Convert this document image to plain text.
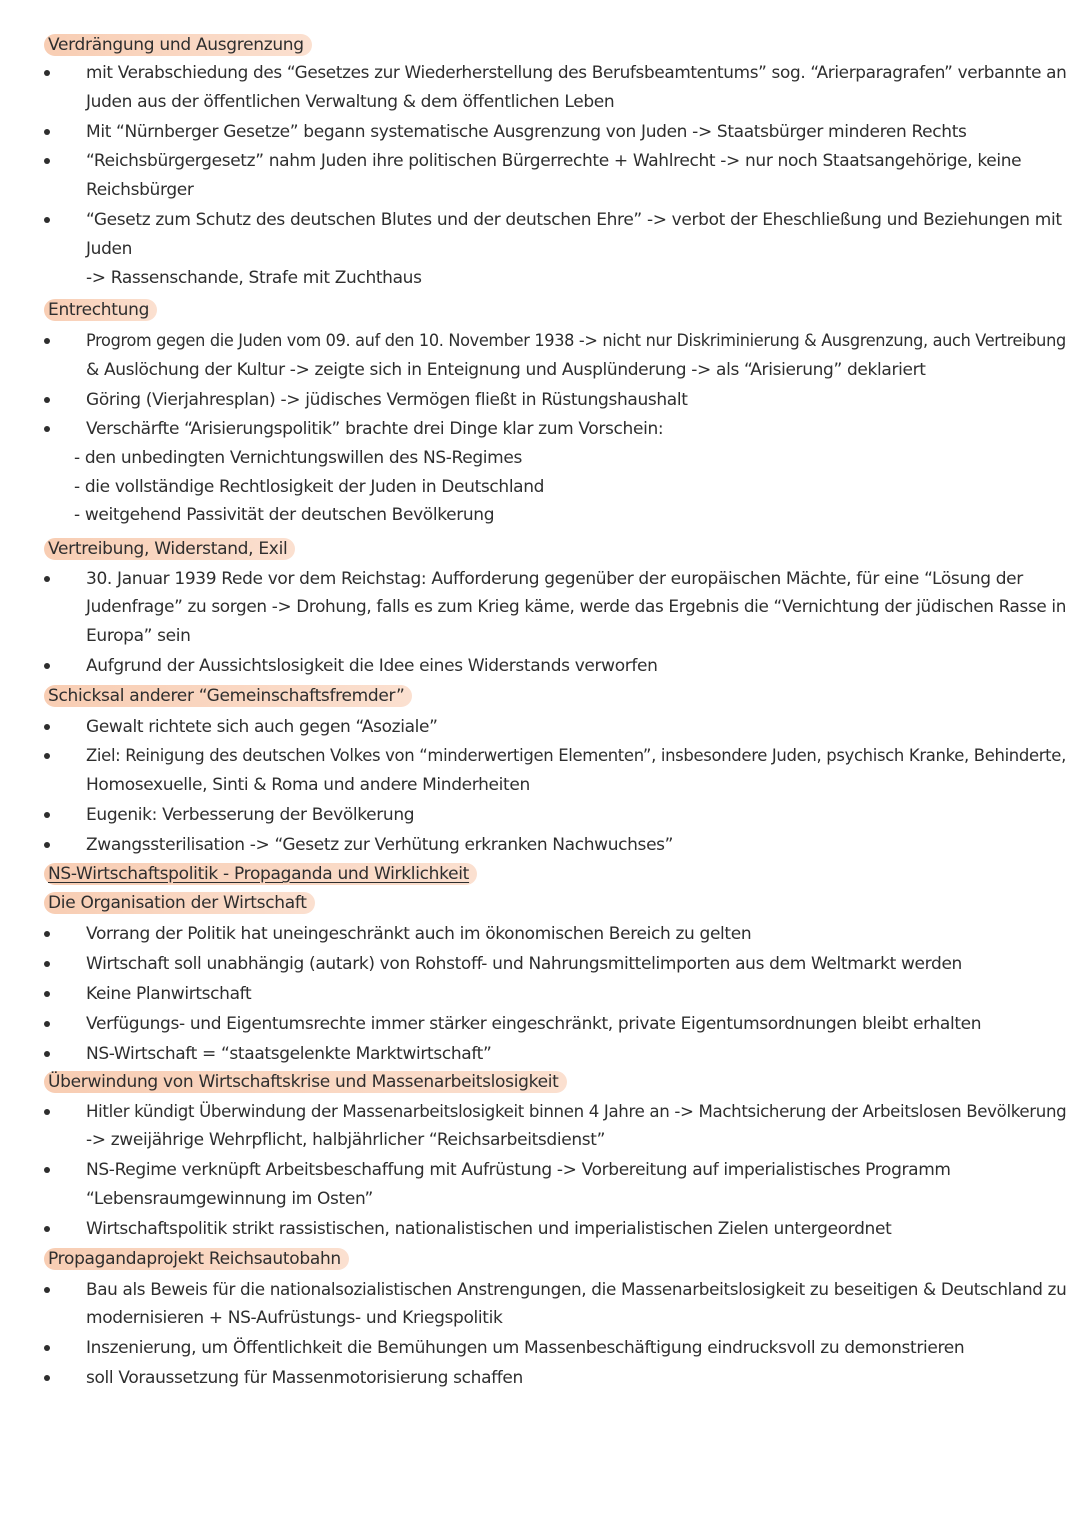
Verdrängung und Ausgrenzung
mit Verabschiedung des “Gesetzes zur Wiederherstellung des Berufsbeamtentums” sog. “Arierparagrafen” verbannte an
Juden aus der öffentlichen Verwaltung & dem öffentlichen Leben
Mit “Nürnberger Gesetze” begann systematische Ausgrenzung von Juden -> Staatsbürger minderen Rechts
“Reichsbürgergesetz” nahm Juden ihre politischen Bürgerrechte + Wahlrecht -> nur noch Staatsangehörige, keine
Reichsbürger
“Gesetz zum Schutz des deutschen Blutes und der deutschen Ehre” -> verbot der Eheschließung und Beziehungen mit
Juden
-> Rassenschande, Strafe mit Zuchthaus
Entrechtung
Progrom gegen die Juden vom 09. auf den 10. November 1938 -> nicht nur Diskriminierung & Ausgrenzung, auch Vertreibung
& Auslöchung der Kultur -> zeigte sich in Enteignung und Ausplünderung -> als “Arisierung” deklariert
Göring (Vierjahresplan) -> jüdisches Vermögen fließt in Rüstungshaushalt
Verschärfte “Arisierungspolitik” brachte drei Dinge klar zum Vorschein:
- den unbedingten Vernichtungswillen des NS-Regimes
- die vollständige Rechtlosigkeit der Juden in Deutschland
- weitgehend Passivität der deutschen Bevölkerung
Vertreibung, Widerstand, Exil
30. Januar 1939 Rede vor dem Reichstag: Aufforderung gegenüber der europäischen Mächte, für eine “Lösung der
Judenfrage” zu sorgen -> Drohung, falls es zum Krieg käme, werde das Ergebnis die “Vernichtung der jüdischen Rasse in
Europa” sein
Aufgrund der Aussichtslosigkeit die Idee eines Widerstands verworfen
Schicksal anderer “Gemeinschaftsfremder”
Gewalt richtete sich auch gegen “Asoziale”
Ziel: Reinigung des deutschen Volkes von “minderwertigen Elementen”, insbesondere Juden, psychisch Kranke, Behinderte,
Homosexuelle, Sinti & Roma und andere Minderheiten
Eugenik: Verbesserung der Bevölkerung
Zwangssterilisation -> “Gesetz zur Verhütung erkranken Nachwuchses”
NS-Wirtschaftspolitik - Propaganda und Wirklichkeit
Die Organisation der Wirtschaft
Vorrang der Politik hat uneingeschränkt auch im ökonomischen Bereich zu gelten
Wirtschaft soll unabhängig (autark) von Rohstoff- und Nahrungsmittelimporten aus dem Weltmarkt werden
Keine Planwirtschaft
Verfügungs- und Eigentumsrechte immer stärker eingeschränkt, private Eigentumsordnungen bleibt erhalten
NS-Wirtschaft = “staatsgelenkte Marktwirtschaft”
Überwindung von Wirtschaftskrise und Massenarbeitslosigkeit
Hitler kündigt Überwindung der Massenarbeitslosigkeit binnen 4 Jahre an -> Machtsicherung der Arbeitslosen Bevölkerung
-> zweijährige Wehrpflicht, halbjährlicher “Reichsarbeitsdienst”
NS-Regime verknüpft Arbeitsbeschaffung mit Aufrüstung -> Vorbereitung auf imperialistisches Programm
“Lebensraumgewinnung im Osten”
Wirtschaftspolitik strikt rassistischen, nationalistischen und imperialistischen Zielen untergeordnet
Propagandaprojekt Reichsautobahn
Bau als Beweis für die nationalsozialistischen Anstrengungen, die Massenarbeitslosigkeit zu beseitigen & Deutschland zu
modernisieren + NS-Aufrüstungs- und Kriegspolitik
Inszenierung, um Öffentlichkeit die Bemühungen um Massenbeschäftigung eindrucksvoll zu demonstrieren
soll Voraussetzung für Massenmotorisierung schaffen
